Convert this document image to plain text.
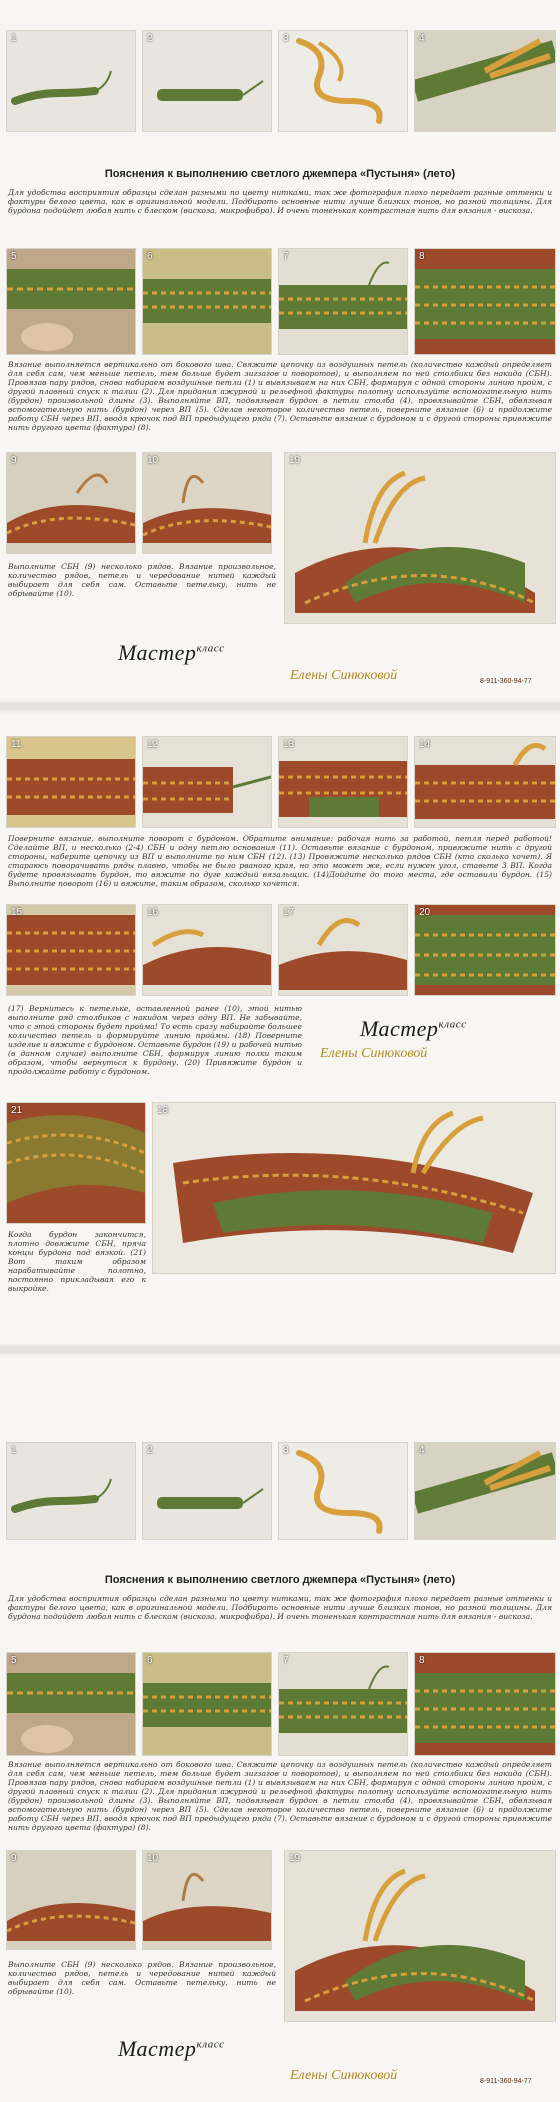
1	2	3	4
Пояснения к выполнению светлого джемпера «Пустыня» (лето)

Для удобства восприятия образцы сделан разными по цвету нитками, так же фотография плохо передает разные оттенки и фактуры белого цвета, как в оригинальной модели. Подбирать основные нити лучше близких тонов, но разной толщины. Для бурдона подойдет любая нить с блеском (вискоза, микрофибра). И очень тоненькая контрастная нить для вязания - вискоза.

5	6	7	8

Вязание выполняется вертикально от бокового шва. Свяжите цепочку из воздушных петель (количество каждый определяет для себя сам, чем меньше петель, тем больше будет зигзагов и поворотов), и выполняем по ней столбики без накида (СБН). Провязав пару рядов, снова набираем воздушные петли (1) и вывязываем на них СБН, формируя с одной стороны линию пройм, с другой плавный спуск к талии (2). Для придания ажурной и рельефной фактуры полотну используйте вспомогательную нить (бурдон) произвольной длины (3). Выполняйте ВП, подвязывая бурдон в петли столба (4), провязывайте СБН, обвязывая вспомогательную нить (бурдон) через ВП (5). Сделав некоторое количество петель, поверните вязание (6) и продолжите работу СБН через ВП, вводя крючок под ВП предыдущего ряда (7). Оставьте вязание с бурдоном и с другой стороны привяжите нить другого цвета (фактура) (8).

9	10	19

Выполните СБН (9) несколько рядов. Вязание произвольное, количество рядов, петель и чередование нитей каждый выбирает для себя сам. Оставьте петельку, нить не обрывайте (10).

Мастер$^{класс}$
Елены Синюковой	8-911-360-94-77
11	12	13	14

Поверните вязание, выполните поворот с бурдоном. Обратите внимание: рабочая нить за работой, петля перед работой! Сделайте ВП, и несколько (2-4) СБН и одну петлю основания (11). Оставьте вязание с бурдоном, привяжите нить с другой стороны, наберите цепочку из ВП и выполните по ним СБН (12). (13) Провяжите несколько рядов СБН (кто сколько хочет). Я стараюсь поворачивать ряды плавно, чтобы не было рваного края, но это может же, если нужен угол, ставьте 3 ВП. Когда будете провязывать бурдон, то вяжите по дуге каждый вязальщик. (14)Дойдите до того места, где оставили бурдон. (15) Выполните поворот (16) и вяжите, таким образом, сколько хочется.

15	16	17	20

(17) Вернитесь к петельке, оставленной ранее (10), этой нитью выполните ряд столбиков с накидом через одну ВП. Не забывайте, что с этой стороны будет пройма! То есть сразу набирайте большее количество петель и формируйте линию проймы. (18) Поверните изделие и вяжите с бурдоном. Оставьте бурдон (19) и рабочей нитью (в данном случае) выполните СБН, формируя линию полки таким образом, чтобы вернуться к бурдону. (20) Привяжите бурдон и продолжайте работу с бурдоном.

Мастер$^{класс}$
Елены Синюковой
21	18

Когда бурдон закончится, плотно довяжите СБН, пряча концы бурдона под вязкой. (21) Вот таким образом нарабатывайте полотно, постоянно прикладывая его к выкройке.

1	2	3	4
Пояснения к выполнению светлого джемпера «Пустыня» (лето)

Для удобства восприятия образцы сделан разными по цвету нитками, так же фотография плохо передает разные оттенки и фактуры белого цвета, как в оригинальной модели. Подбирать основные нити лучше близких тонов, но разной толщины. Для бурдона подойдет любая нить с блеском (вискоза, микрофибра). И очень тоненькая контрастная нить для вязания - вискоза.

5	6	7	8

Вязание выполняется вертикально от бокового шва. Свяжите цепочку из воздушных петель (количество каждый определяет для себя сам, чем меньше петель, тем больше будет зигзагов и поворотов), и выполняем по ней столбики без накида (СБН). Провязав пару рядов, снова набираем воздушные петли (1) и вывязываем на них СБН, формируя с одной стороны линию пройм, с другой плавный спуск к талии (2). Для придания ажурной и рельефной фактуры полотну используйте вспомогательную нить (бурдон) произвольной длины (3). Выполняйте ВП, подвязывая бурдон в петли столба (4), провязывайте СБН, обвязывая вспомогательную нить (бурдон) через ВП (5). Сделав некоторое количество петель, поверните вязание (6) и продолжите работу СБН через ВП, вводя крючок под ВП предыдущего ряда (7). Оставьте вязание с бурдоном и с другой стороны привяжите нить другого цвета (фактура) (8).

9	10	19

Выполните СБН (9) несколько рядов. Вязание произвольное, количество рядов, петель и чередование нитей каждый выбирает для себя сам. Оставьте петельку, нить не обрывайте (10).

Мастер$^{класс}$
Елены Синюковой	8-911-360-94-77
